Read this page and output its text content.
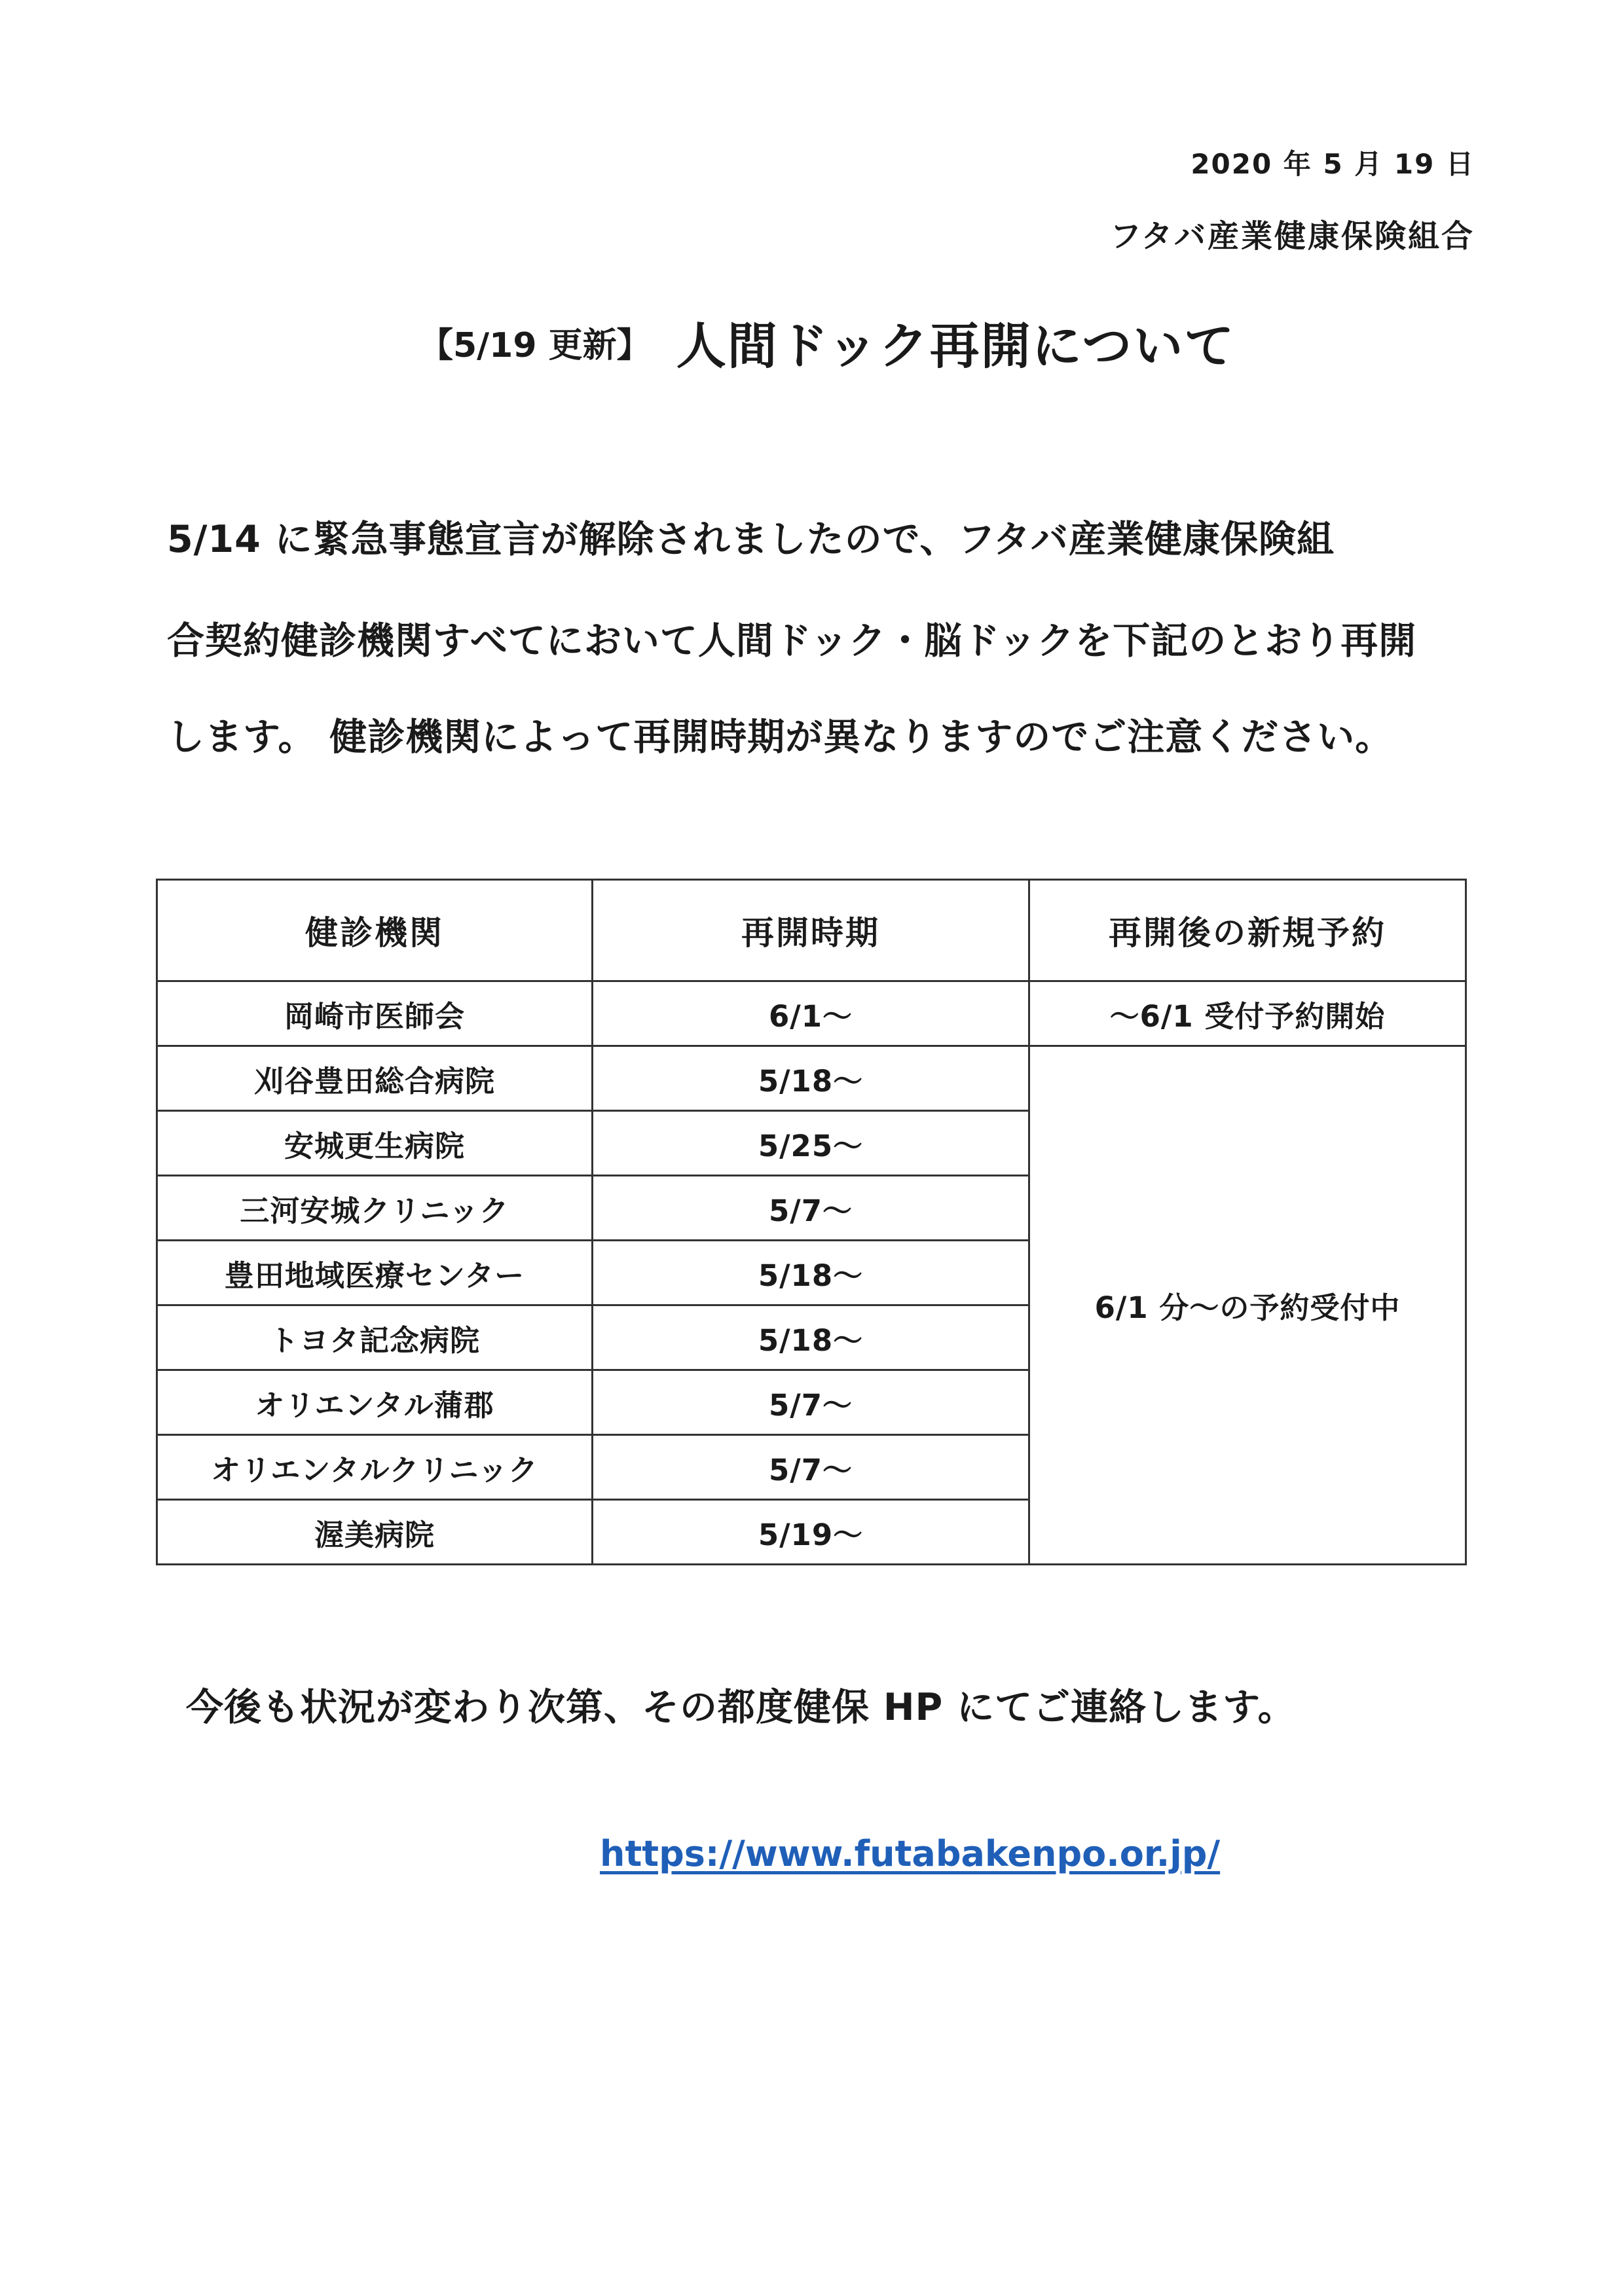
2020 年 5 月 19 日
フタバ産業健康保険組合
【5/19 更新】 人間ドック再開について
5/14 に緊急事態宣言が解除されましたので、フタバ産業健康保険組
合契約健診機関すべてにおいて人間ドック・脳ドックを下記のとおり再開
します。 健診機関によって再開時期が異なりますのでご注意ください。
健診機関	再開時期	再開後の新規予約
岡崎市医師会	6/1～	～6/1 受付予約開始
刈谷豊田総合病院	5/18～	6/1 分～の予約受付中
安城更生病院	5/25～	
三河安城クリニック	5/7～	
豊田地域医療センター	5/18～	
トヨタ記念病院	5/18～	
オリエンタル蒲郡	5/7～	
オリエンタルクリニック	5/7～	
渥美病院	5/19～	
今後も状況が変わり次第、その都度健保 HP にてご連絡します。
https://www.futabakenpo.or.jp/
